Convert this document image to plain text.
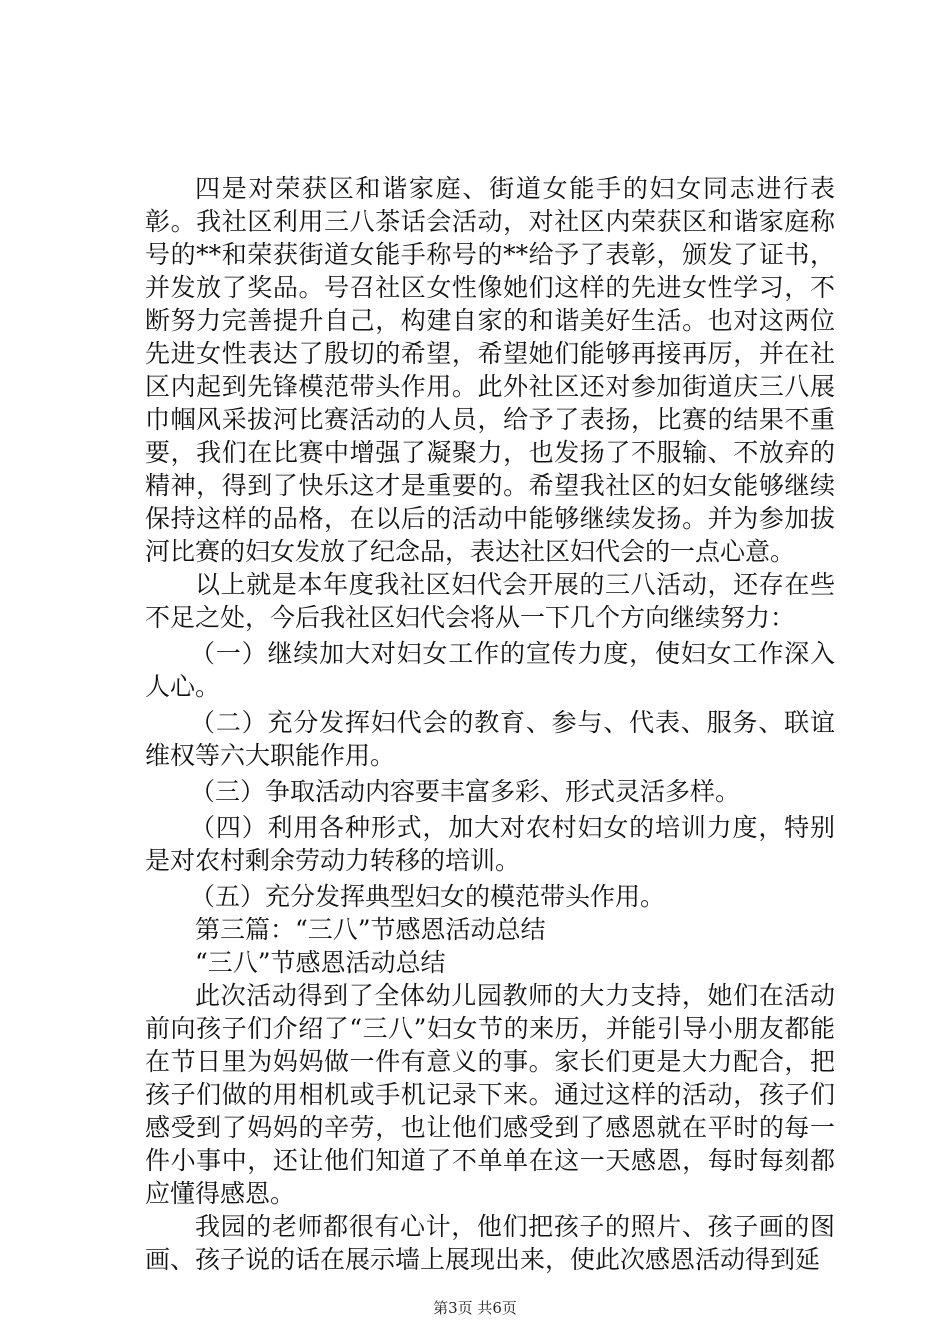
四是对荣获区和谐家庭、街道女能手的妇女同志进行表彰。我社区利用三八茶话会活动，对社区内荣获区和谐家庭称号的**和荣获街道女能手称号的**给予了表彰，颁发了证书，并发放了奖品。号召社区女性像她们这样的先进女性学习，不断努力完善提升自己，构建自家的和谐美好生活。也对这两位先进女性表达了殷切的希望，希望她们能够再接再厉，并在社区内起到先锋模范带头作用。此外社区还对参加街道庆三八展巾帼风采拔河比赛活动的人员，给予了表扬，比赛的结果不重要，我们在比赛中增强了凝聚力，也发扬了不服输、不放弃的精神，得到了快乐这才是重要的。希望我社区的妇女能够继续保持这样的品格，在以后的活动中能够继续发扬。并为参加拔河比赛的妇女发放了纪念品，表达社区妇代会的一点心意。

以上就是本年度我社区妇代会开展的三八活动，还存在些不足之处，今后我社区妇代会将从一下几个方向继续努力：

（一）继续加大对妇女工作的宣传力度，使妇女工作深入人心。

（二）充分发挥妇代会的教育、参与、代表、服务、联谊维权等六大职能作用。

（三）争取活动内容要丰富多彩、形式灵活多样。

（四）利用各种形式，加大对农村妇女的培训力度，特别是对农村剩余劳动力转移的培训。

（五）充分发挥典型妇女的模范带头作用。

第三篇：“三八”节感恩活动总结

“三八”节感恩活动总结

此次活动得到了全体幼儿园教师的大力支持，她们在活动前向孩子们介绍了“三八”妇女节的来历，并能引导小朋友都能在节日里为妈妈做一件有意义的事。家长们更是大力配合，把孩子们做的用相机或手机记录下来。通过这样的活动，孩子们感受到了妈妈的辛劳，也让他们感受到了感恩就在平时的每一件小事中，还让他们知道了不单单在这一天感恩，每时每刻都应懂得感恩。

我园的老师都很有心计，他们把孩子的照片、孩子画的图画、孩子说的话在展示墙上展现出来，使此次感恩活动得到延

第3页 共6页
